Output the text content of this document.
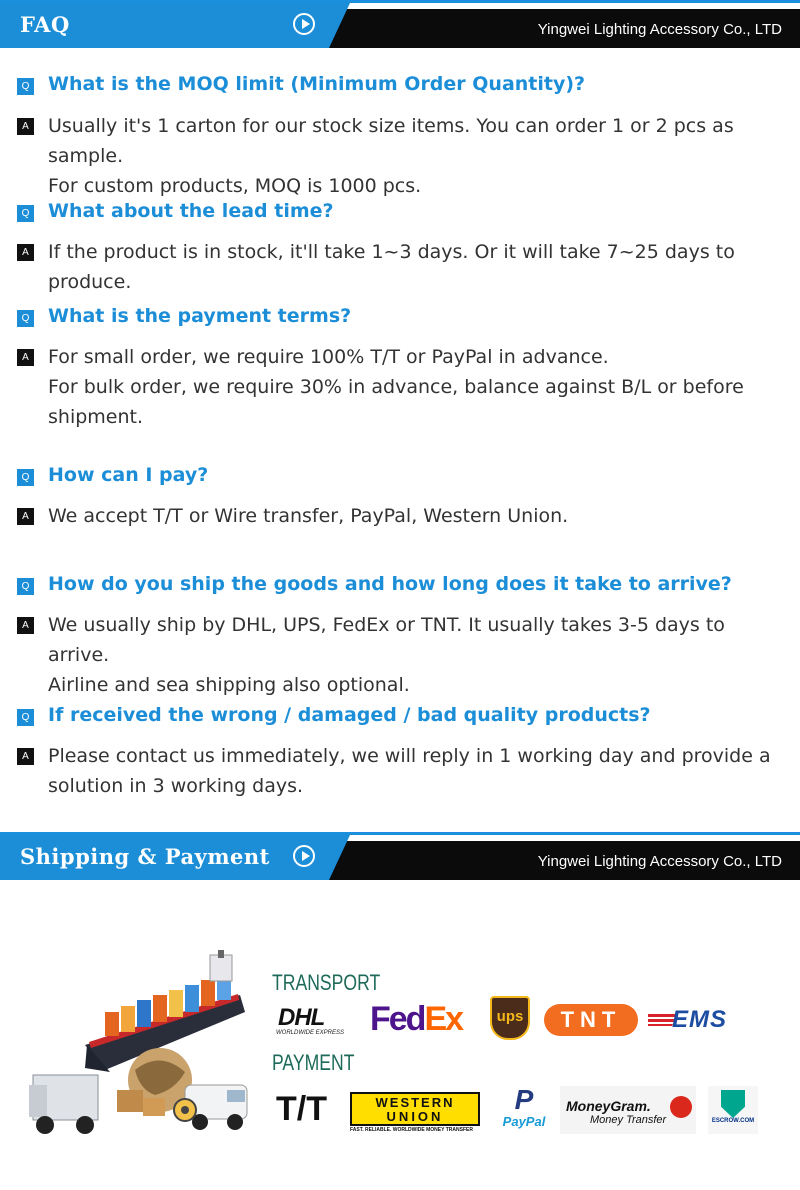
FAQ	Yingwei Lighting Accessory Co., LTD
Q What is the MOQ limit (Minimum Order Quantity)?
A Usually it's 1 carton for our stock size items. You can order 1 or 2 pcs as sample.
For custom products, MOQ is 1000 pcs.
Q What about the lead time?
A If the product is in stock, it'll take 1~3 days. Or it will take 7~25 days to produce.
Q What is the payment terms?
A For small order, we require 100% T/T or PayPal in advance.
For bulk order, we require 30% in advance, balance against B/L or before
shipment.
Q How can I pay?
A We accept T/T or Wire transfer, PayPal, Western Union.
Q How do you ship the goods and how long does it take to arrive?
A We usually ship by DHL, UPS, FedEx or TNT. It usually takes 3-5 days to arrive.
Airline and sea shipping also optional.
Q If received the wrong / damaged / bad quality products?
A Please contact us immediately, we will reply in 1 working day and provide a
solution in 3 working days.
Shipping & Payment	Yingwei Lighting Accessory Co., LTD
TRANSPORT
DHL
WORLDWIDE EXPRESS FedEx	ups	TNT	EMS
PAYMENT
T/T	WESTERN
UNION
FAST. RELIABLE. WORLDWIDE MONEY TRANSFER
P
PayPal
MoneyGram.
Money Transfer	ESCROW.COM
